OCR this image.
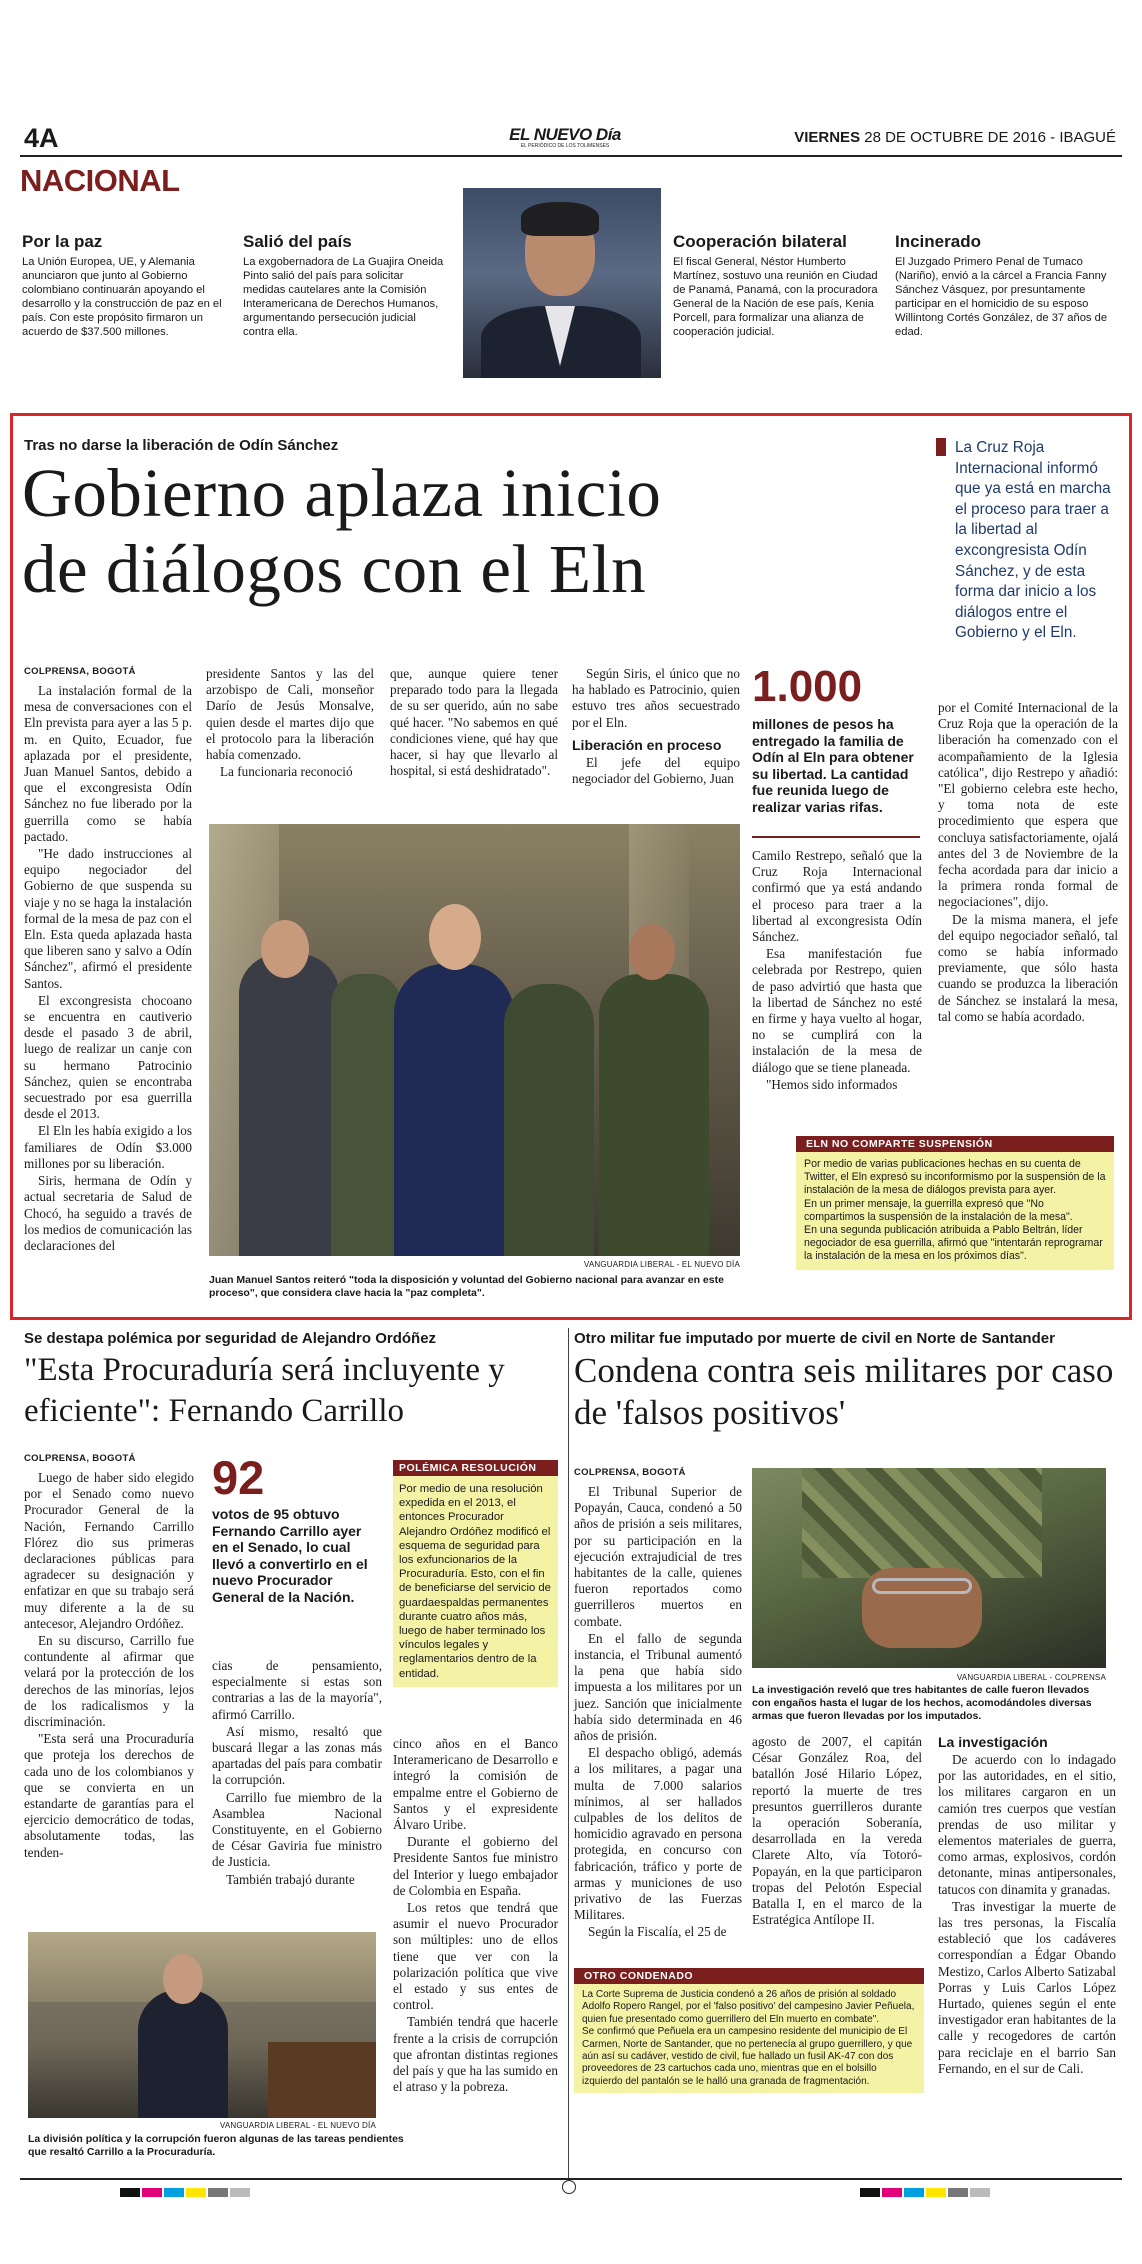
4A	EL NUEVO Día
EL PERIÓDICO DE LOS TOLIMENSES	VIERNES 28 DE OCTUBRE DE 2016 - IBAGUÉ
NACIONAL
Por la paz

La Unión Europea, UE, y Alemania anunciaron que junto al Gobierno colombiano continuarán apoyando el desarrollo y la construcción de paz en el país. Con este propósito firmaron un acuerdo de $37.500 millones.

Salió del país

La exgobernadora de La Guajira Oneida Pinto salió del país para solicitar medidas cautelares ante la Comisión Interamericana de Derechos Humanos, argumentando persecución judicial contra ella.

Cooperación bilateral

El fiscal General, Néstor Humberto Martínez, sostuvo una reunión en Ciudad de Panamá, Panamá, con la procuradora General de la Nación de ese país, Kenia Porcell, para formalizar una alianza de cooperación judicial.

Incinerado

El Juzgado Primero Penal de Tumaco (Nariño), envió a la cárcel a Francia Fanny Sánchez Vásquez, por presuntamente participar en el homicidio de su esposo Willintong Cortés González, de 37 años de edad.

Tras no darse la liberación de Odín Sánchez
Gobierno aplaza inicio
de diálogos con el Eln
La Cruz Roja Internacional informó que ya está en marcha el proceso para traer a la libertad al excongresista Odín Sánchez, y de esta forma dar inicio a los diálogos entre el Gobierno y el Eln.
COLPRENSA, BOGOTÁ

La instalación formal de la mesa de conversaciones con el Eln prevista para ayer a las 5 p. m. en Quito, Ecuador, fue aplazada por el presidente, Juan Manuel Santos, debido a que el excongresista Odín Sánchez no fue liberado por la guerrilla como se había pactado.

"He dado instrucciones al equipo negociador del Gobierno de que suspenda su viaje y no se haga la instalación formal de la mesa de paz con el Eln. Esta queda aplazada hasta que liberen sano y salvo a Odín Sánchez", afirmó el presidente Santos.

El excongresista chocoano se encuentra en cautiverio desde el pasado 3 de abril, luego de realizar un canje con su hermano Patrocinio Sánchez, quien se encontraba secuestrado por esa guerrilla desde el 2013.

El Eln les había exigido a los familiares de Odín $3.000 millones por su liberación.

Siris, hermana de Odín y actual secretaria de Salud de Chocó, ha seguido a través de los medios de comunicación las declaraciones del

presidente Santos y las del arzobispo de Cali, monseñor Darío de Jesús Monsalve, quien desde el martes dijo que el protocolo para la liberación había comenzado.

La funcionaria reconoció

que, aunque quiere tener preparado todo para la llegada de su ser querido, aún no sabe qué hacer. "No sabemos en qué condiciones viene, qué hay que hacer, si hay que llevarlo al hospital, si está deshidratado".

Según Siris, el único que no ha hablado es Patrocinio, quien estuvo tres años secuestrado por el Eln.

Liberación en proceso

El jefe del equipo negociador del Gobierno, Juan

1.000
millones de pesos ha entregado la familia de Odín al Eln para obtener su libertad. La cantidad fue reunida luego de realizar varias rifas.

Camilo Restrepo, señaló que la Cruz Roja Internacional confirmó que ya está andando el proceso para traer a la libertad al excongresista Odín Sánchez.

Esa manifestación fue celebrada por Restrepo, quien de paso advirtió que hasta que la libertad de Sánchez no esté en firme y haya vuelto al hogar, no se cumplirá con la instalación de la mesa de diálogo que se tiene planeada.

"Hemos sido informados

por el Comité Internacional de la Cruz Roja que la operación de la liberación ha comenzado con el acompañamiento de la Iglesia católica", dijo Restrepo y añadió: "El gobierno celebra este hecho, y toma nota de este procedimiento que espera que concluya satisfactoriamente, ojalá antes del 3 de Noviembre de la fecha acordada para dar inicio a la primera ronda formal de negociaciones", dijo.

De la misma manera, el jefe del equipo negociador señaló, tal como se había informado previamente, que sólo hasta cuando se produzca la liberación de Sánchez se instalará la mesa, tal como se había acordado.

VANGUARDIA LIBERAL - EL NUEVO DÍA
Juan Manuel Santos reiteró "toda la disposición y voluntad del Gobierno nacional para avanzar en este proceso", que considera clave hacia la "paz completa".
ELN NO COMPARTE SUSPENSIÓN
Por medio de varias publicaciones hechas en su cuenta de Twitter, el Eln expresó su inconformismo por la suspensión de la instalación de la mesa de diálogos prevista para ayer.
En un primer mensaje, la guerrilla expresó que "No compartimos la suspensión de la instalación de la mesa".
En una segunda publicación atribuida a Pablo Beltrán, líder negociador de esa guerrilla, afirmó que "intentarán reprogramar la instalación de la mesa en los próximos días".
Se destapa polémica por seguridad de Alejandro Ordóñez
"Esta Procuraduría será incluyente y eficiente": Fernando Carrillo
COLPRENSA, BOGOTÁ

Luego de haber sido elegido por el Senado como nuevo Procurador General de la Nación, Fernando Carrillo Flórez dio sus primeras declaraciones públicas para agradecer su designación y enfatizar en que su trabajo será muy diferente a la de su antecesor, Alejandro Ordóñez.

En su discurso, Carrillo fue contundente al afirmar que velará por la protección de los derechos de las minorías, lejos de los radicalismos y la discriminación.

"Esta será una Procuraduría que proteja los derechos de cada uno de los colombianos y que se convierta en un estandarte de garantías para el ejercicio democrático de todas, absolutamente todas, las tenden-

92
votos de 95 obtuvo Fernando Carrillo ayer en el Senado, lo cual llevó a convertirlo en el nuevo Procurador General de la Nación.

cias de pensamiento, especialmente si estas son contrarias a las de la mayoría", afirmó Carrillo.

Así mismo, resaltó que buscará llegar a las zonas más apartadas del país para combatir la corrupción.

Carrillo fue miembro de la Asamblea Nacional Constituyente, en el Gobierno de César Gaviria fue ministro de Justicia.

También trabajó durante

POLÉMICA RESOLUCIÓN
Por medio de una resolución expedida en el 2013, el entonces Procurador Alejandro Ordóñez modificó el esquema de seguridad para los exfuncionarios de la Procuraduría. Esto, con el fin de beneficiarse del servicio de guardaespaldas permanentes durante cuatro años más, luego de haber terminado los vínculos legales y reglamentarios dentro de la entidad.

cinco años en el Banco Interamericano de Desarrollo e integró la comisión de empalme entre el Gobierno de Santos y el expresidente Álvaro Uribe.

Durante el gobierno del Presidente Santos fue ministro del Interior y luego embajador de Colombia en España.

Los retos que tendrá que asumir el nuevo Procurador son múltiples: uno de ellos tiene que ver con la polarización política que vive el estado y sus entes de control.

También tendrá que hacerle frente a la crisis de corrupción que afrontan distintas regiones del país y que ha las sumido en el atraso y la pobreza.

VANGUARDIA LIBERAL - EL NUEVO DÍA
La división política y la corrupción fueron algunas de las tareas pendientes que resaltó Carrillo a la Procuraduría.
Otro militar fue imputado por muerte de civil en Norte de Santander
Condena contra seis militares por caso de 'falsos positivos'
COLPRENSA, BOGOTÁ

El Tribunal Superior de Popayán, Cauca, condenó a 50 años de prisión a seis militares, por su participación en la ejecución extrajudicial de tres habitantes de la calle, quienes fueron reportados como guerrilleros muertos en combate.

En el fallo de segunda instancia, el Tribunal aumentó la pena que había sido impuesta a los militares por un juez. Sanción que inicialmente había sido determinada en 46 años de prisión.

El despacho obligó, además a los militares, a pagar una multa de 7.000 salarios mínimos, al ser hallados culpables de los delitos de homicidio agravado en persona protegida, en concurso con fabricación, tráfico y porte de armas y municiones de uso privativo de las Fuerzas Militares.

Según la Fiscalía, el 25 de

VANGUARDIA LIBERAL - COLPRENSA
La investigación reveló que tres habitantes de calle fueron llevados con engaños hasta el lugar de los hechos, acomodándoles diversas armas que fueron llevadas por los imputados.

agosto de 2007, el capitán César González Roa, del batallón José Hilario López, reportó la muerte de tres presuntos guerrilleros durante la operación Soberanía, desarrollada en la vereda Clarete Alto, vía Totoró-Popayán, en la que participaron tropas del Pelotón Especial Batalla I, en el marco de la Estratégica Antílope II.

La investigación

De acuerdo con lo indagado por las autoridades, en el sitio, los militares cargaron en un camión tres cuerpos que vestían prendas de uso militar y elementos materiales de guerra, como armas, explosivos, cordón detonante, minas antipersonales, tatucos con dinamita y granadas.

Tras investigar la muerte de las tres personas, la Fiscalía estableció que los cadáveres correspondían a Édgar Obando Mestizo, Carlos Alberto Satizabal Porras y Luis Carlos López Hurtado, quienes según el ente investigador eran habitantes de la calle y recogedores de cartón para reciclaje en el barrio San Fernando, en el sur de Cali.

OTRO CONDENADO
La Corte Suprema de Justicia condenó a 26 años de prisión al soldado Adolfo Ropero Rangel, por el 'falso positivo' del campesino Javier Peñuela, quien fue presentado como guerrillero del Eln muerto en combate".
Se confirmó que Peñuela era un campesino residente del municipio de El Carmen, Norte de Santander, que no pertenecía al grupo guerrillero, y que aún así su cadáver, vestido de civil, fue hallado un fusil AK-47 con dos proveedores de 23 cartuchos cada uno, mientras que en el bolsillo izquierdo del pantalón se le halló una granada de fragmentación.
